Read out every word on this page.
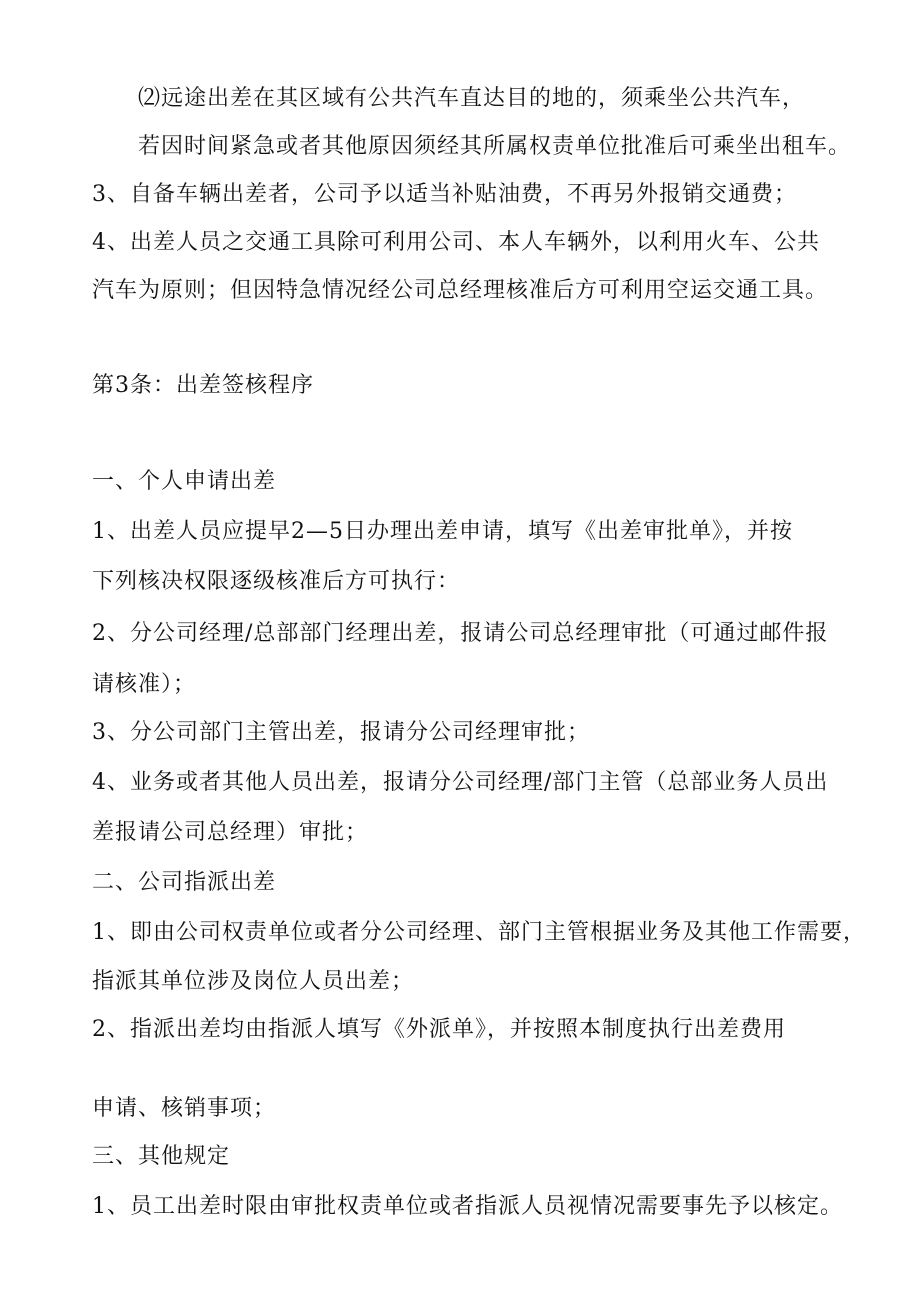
⑵远途出差在其区域有公共汽车直达目的地的，须乘坐公共汽车，
若因时间紧急或者其他原因须经其所属权责单位批准后可乘坐出租车。
3、自备车辆出差者，公司予以适当补贴油费，不再另外报销交通费；
4、出差人员之交通工具除可利用公司、本人车辆外，以利用火车、公共
汽车为原则；但因特急情况经公司总经理核准后方可利用空运交通工具。
第3条：出差签核程序
一、个人申请出差
1、出差人员应提早2—5日办理出差申请，填写《出差审批单》，并按
下列核决权限逐级核准后方可执行：
2、分公司经理/总部部门经理出差，报请公司总经理审批（可通过邮件报
请核准）；
3、分公司部门主管出差，报请分公司经理审批；
4、业务或者其他人员出差，报请分公司经理/部门主管（总部业务人员出
差报请公司总经理）审批；
二、公司指派出差
1、即由公司权责单位或者分公司经理、部门主管根据业务及其他工作需要，
指派其单位涉及岗位人员出差；
2、指派出差均由指派人填写《外派单》，并按照本制度执行出差费用
申请、核销事项；
三、其他规定
1、员工出差时限由审批权责单位或者指派人员视情况需要事先予以核定。
